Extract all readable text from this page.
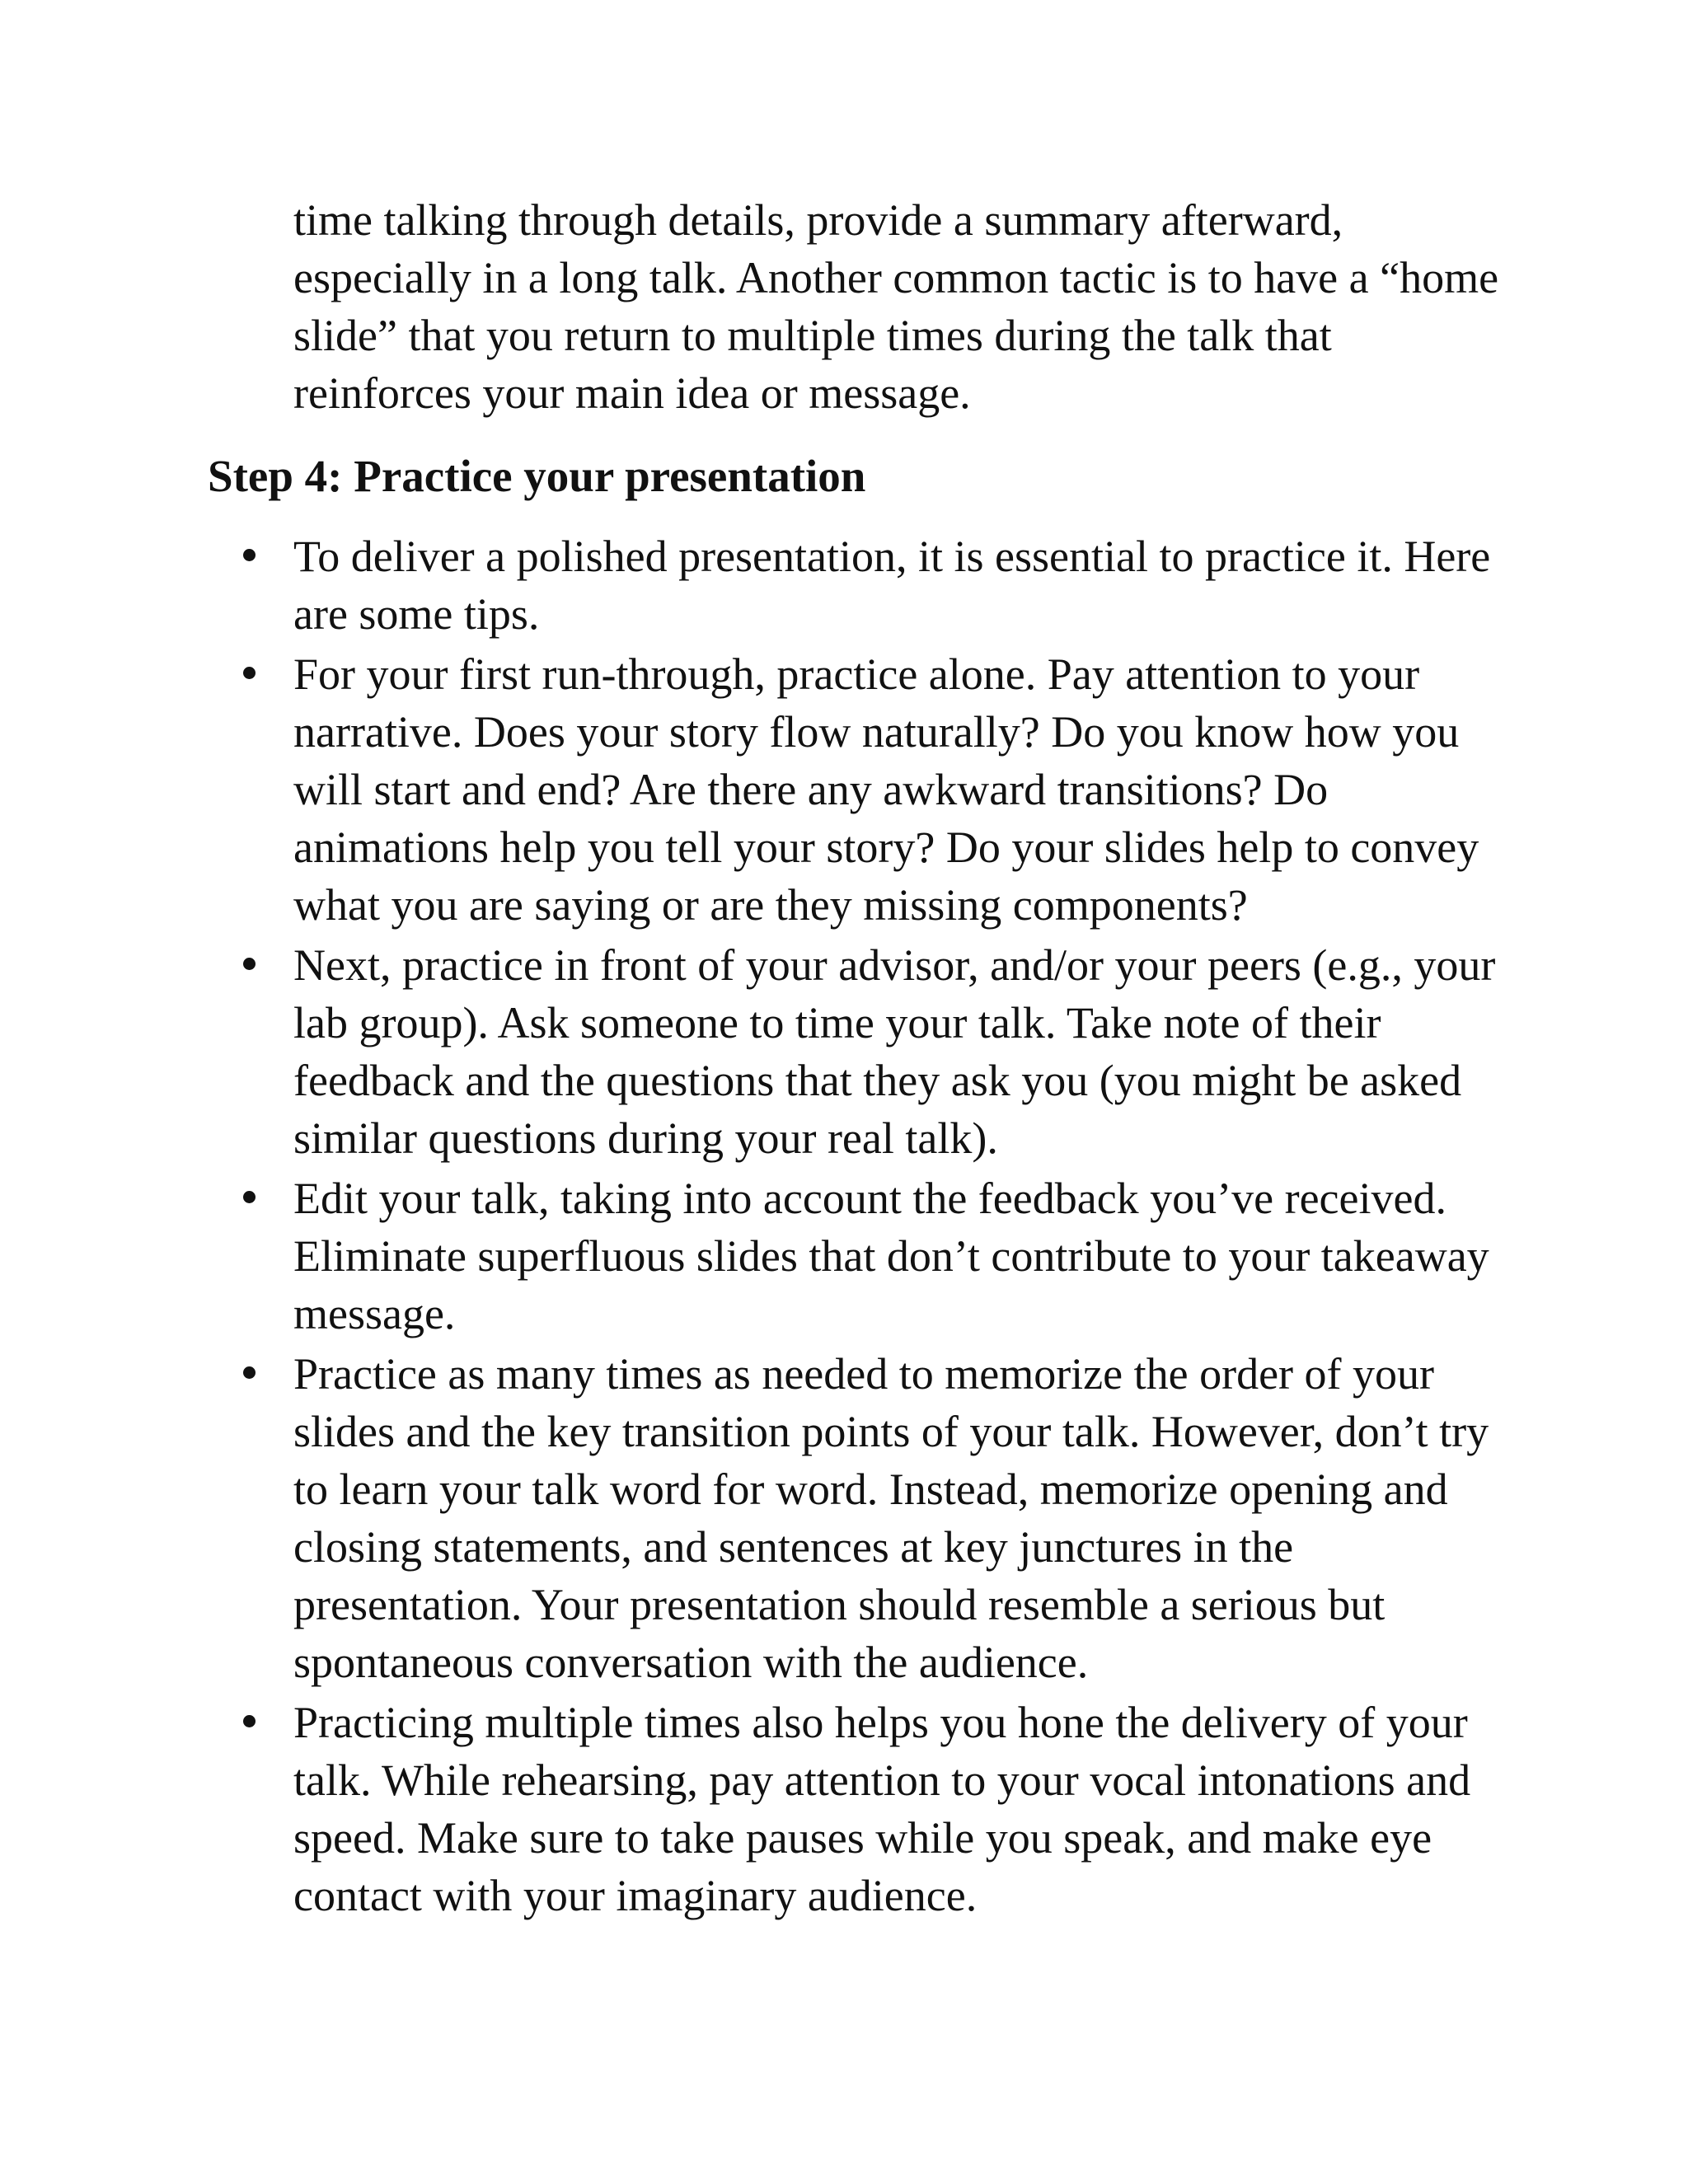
time talking through details, provide a summary afterward, especially in a long talk. Another common tactic is to have a “home slide” that you return to multiple times during the talk that reinforces your main idea or message.

Step 4: Practice your presentation
To deliver a polished presentation, it is essential to practice it. Here are some tips.
For your first run-through, practice alone. Pay attention to your narrative. Does your story flow naturally? Do you know how you will start and end? Are there any awkward transitions? Do animations help you tell your story? Do your slides help to convey what you are saying or are they missing components?
Next, practice in front of your advisor, and/or your peers (e.g., your lab group). Ask someone to time your talk. Take note of their feedback and the questions that they ask you (you might be asked similar questions during your real talk).
Edit your talk, taking into account the feedback you’ve received. Eliminate superfluous slides that don’t contribute to your takeaway message.
Practice as many times as needed to memorize the order of your slides and the key transition points of your talk. However, don’t try to learn your talk word for word. Instead, memorize opening and closing statements, and sentences at key junctures in the presentation. Your presentation should resemble a serious but spontaneous conversation with the audience.
Practicing multiple times also helps you hone the delivery of your talk. While rehearsing, pay attention to your vocal intonations and speed. Make sure to take pauses while you speak, and make eye contact with your imaginary audience.
